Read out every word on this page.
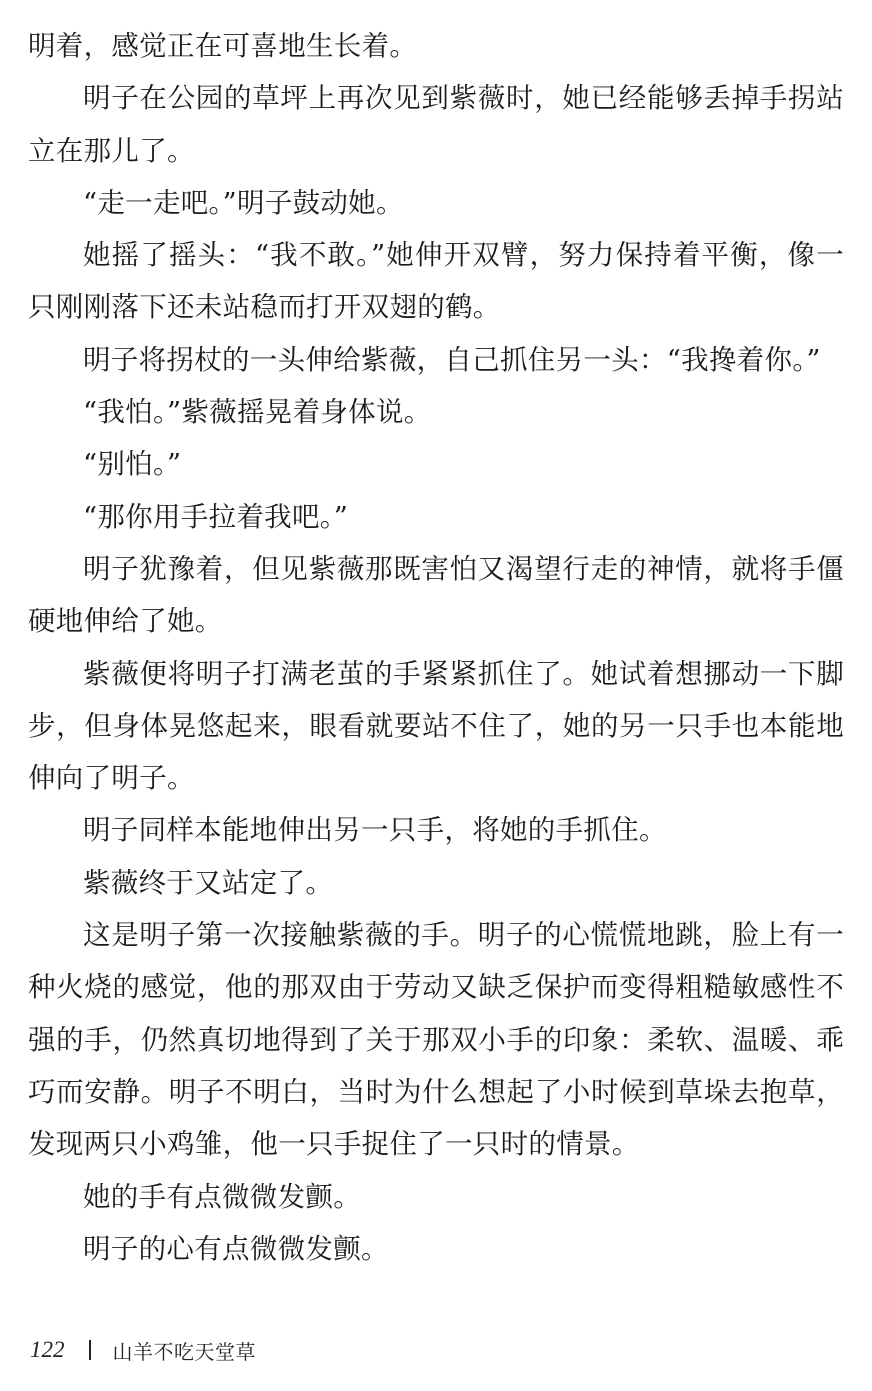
明着，感觉正在可喜地生长着。

明子在公园的草坪上再次见到紫薇时，她已经能够丢掉手拐站立在那儿了。

“走一走吧。”明子鼓动她。

她摇了摇头：“我不敢。”她伸开双臂，努力保持着平衡，像一只刚刚落下还未站稳而打开双翅的鹤。

明子将拐杖的一头伸给紫薇，自己抓住另一头：“我搀着你。”

“我怕。”紫薇摇晃着身体说。

“别怕。”

“那你用手拉着我吧。”

明子犹豫着，但见紫薇那既害怕又渴望行走的神情，就将手僵硬地伸给了她。

紫薇便将明子打满老茧的手紧紧抓住了。她试着想挪动一下脚步，但身体晃悠起来，眼看就要站不住了，她的另一只手也本能地伸向了明子。

明子同样本能地伸出另一只手，将她的手抓住。

紫薇终于又站定了。

这是明子第一次接触紫薇的手。明子的心慌慌地跳，脸上有一种火烧的感觉，他的那双由于劳动又缺乏保护而变得粗糙敏感性不强的手，仍然真切地得到了关于那双小手的印象：柔软、温暖、乖巧而安静。明子不明白，当时为什么想起了小时候到草垛去抱草，发现两只小鸡雏，他一只手捉住了一只时的情景。

她的手有点微微发颤。

明子的心有点微微发颤。

122 山羊不吃天堂草
